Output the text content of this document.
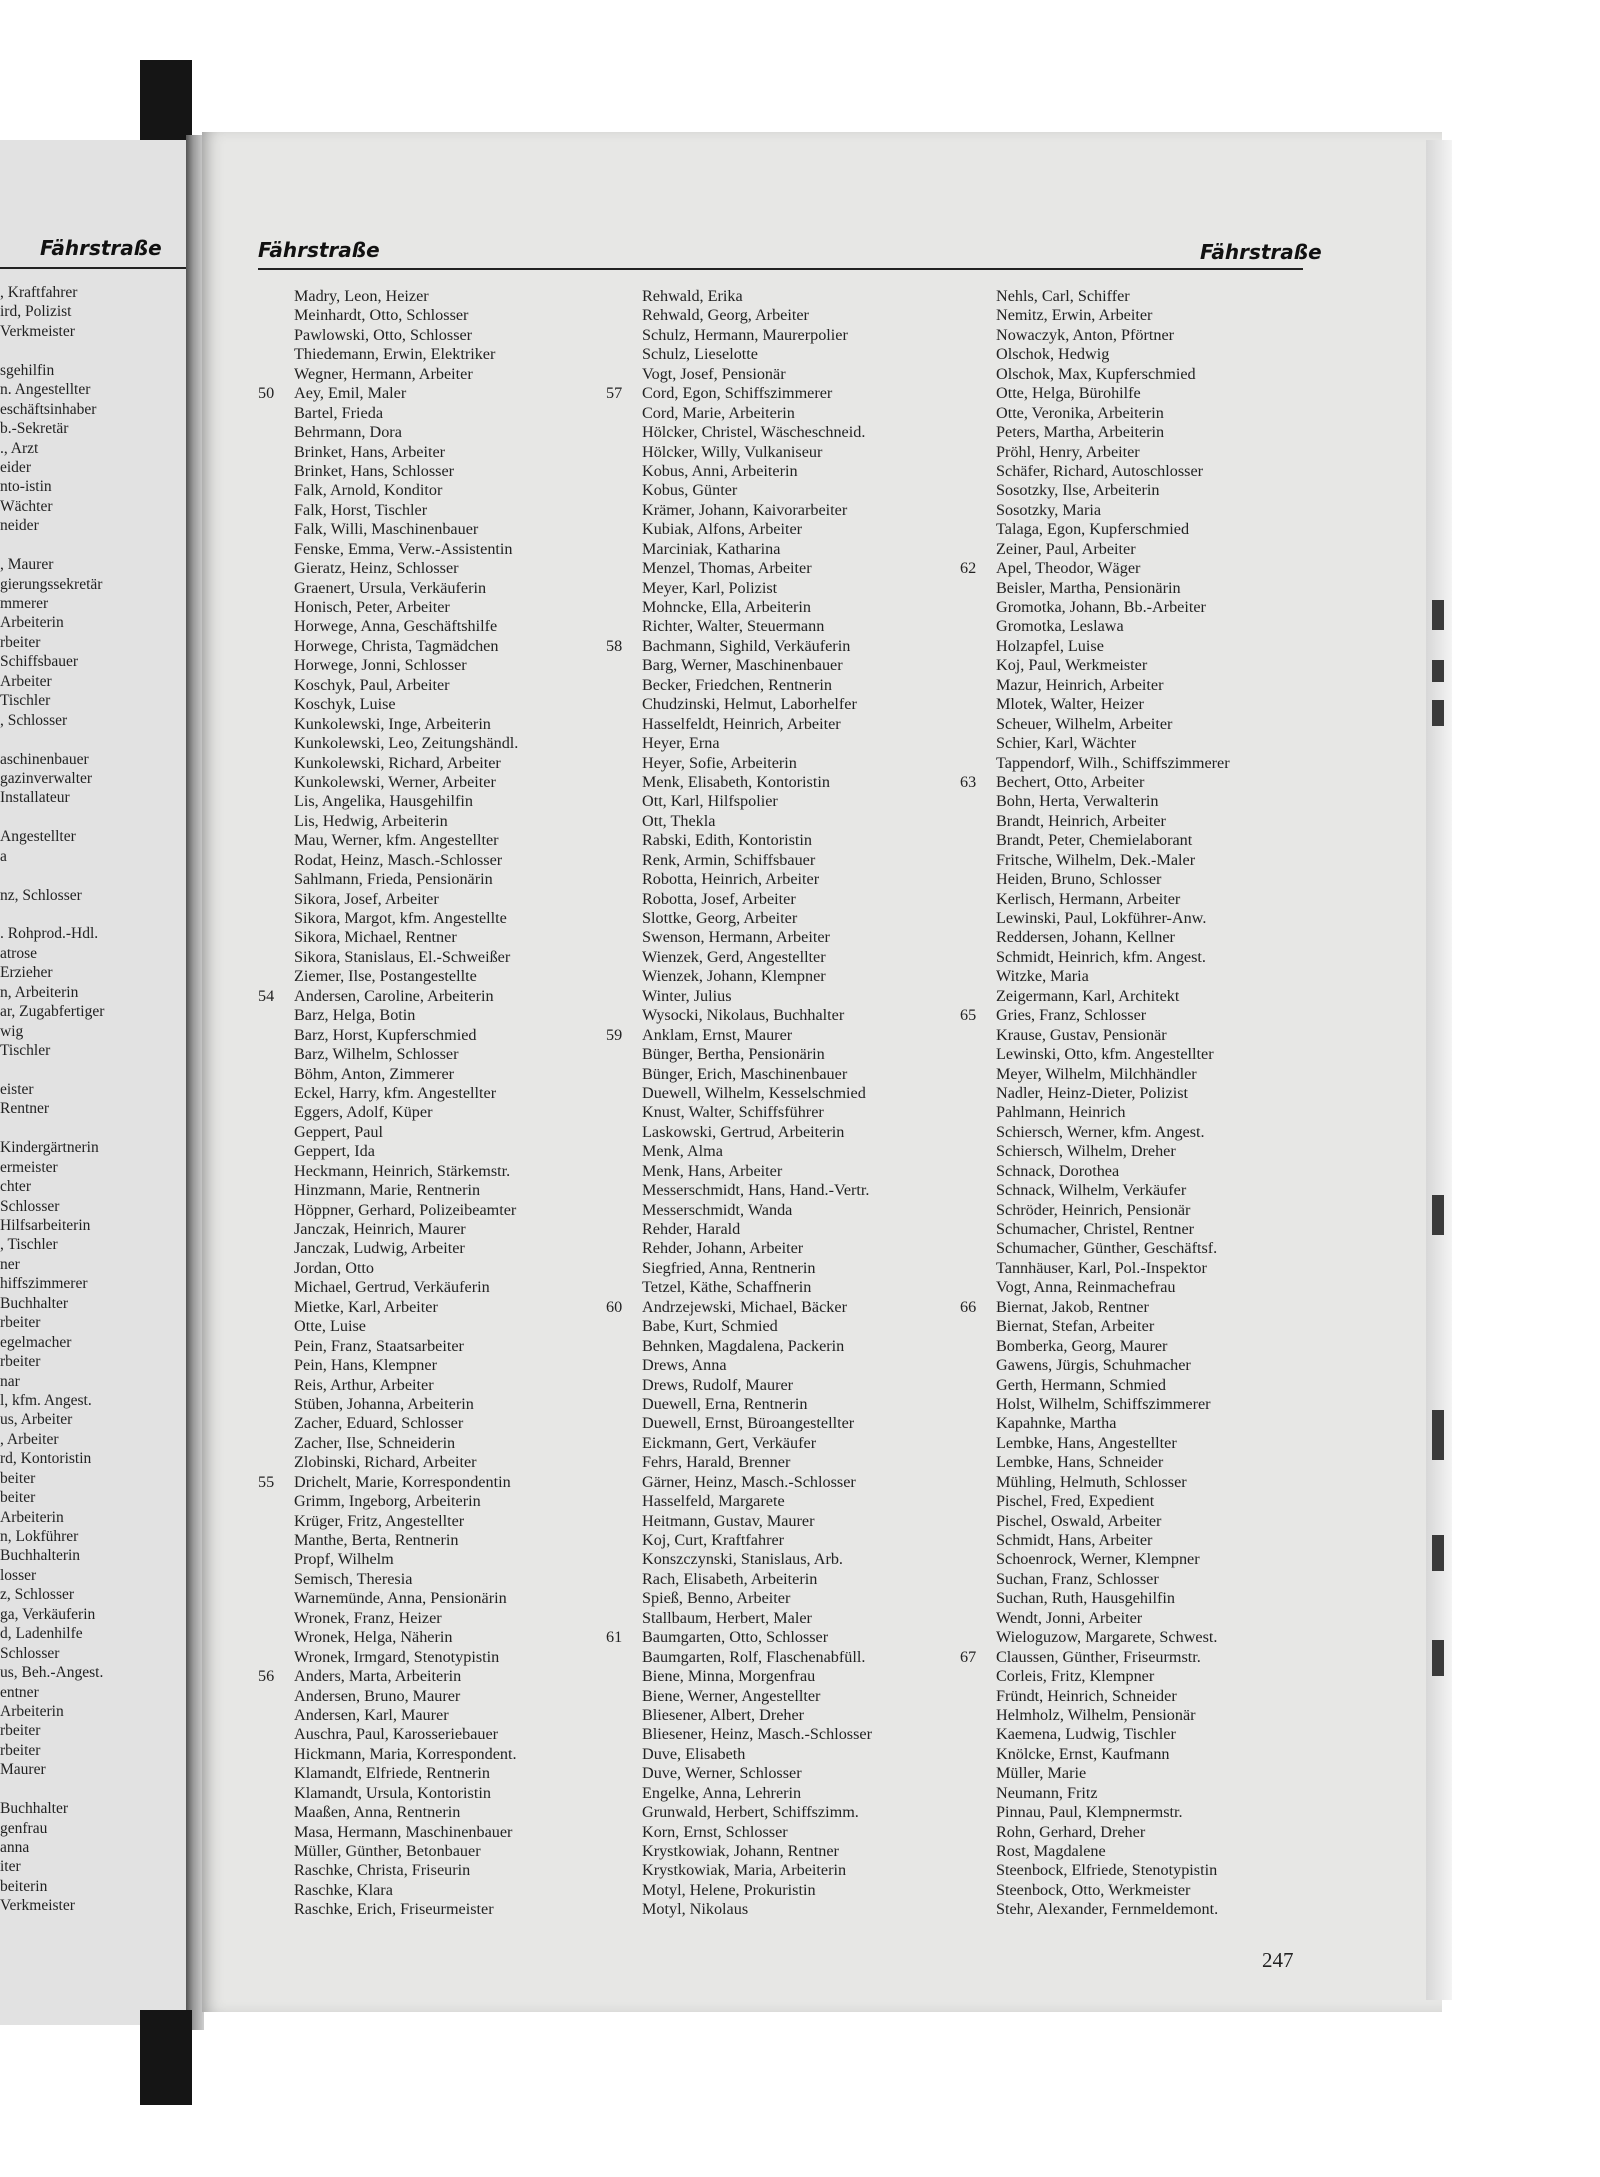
Fährstraße
, Kraftfahrer
ird, Polizist
Verkmeister
sgehilfin
n. Angestellter
eschäftsinhaber
b.-Sekretär
., Arzt
eider
nto-istin
Wächter
neider
, Maurer
gierungssekretär
mmerer
Arbeiterin
rbeiter
Schiffsbauer
Arbeiter
Tischler
, Schlosser
aschinenbauer
gazinverwalter
Installateur
Angestellter
a
nz, Schlosser
. Rohprod.-Hdl.
atrose
Erzieher
n, Arbeiterin
ar, Zugabfertiger
wig
Tischler
eister
Rentner
Kindergärtnerin
ermeister
chter
Schlosser
Hilfsarbeiterin
, Tischler
ner
hiffszimmerer
Buchhalter
rbeiter
egelmacher
rbeiter
nar
l, kfm. Angest.
us, Arbeiter
, Arbeiter
rd, Kontoristin
beiter
beiter
Arbeiterin
n, Lokführer
Buchhalterin
losser
z, Schlosser
ga, Verkäuferin
d, Ladenhilfe
Schlosser
us, Beh.-Angest.
entner
Arbeiterin
rbeiter
rbeiter
Maurer
Buchhalter
genfrau
anna
iter
beiterin
Verkmeister
Fährstraße	Fährstraße
Madry, Leon, Heizer
Meinhardt, Otto, Schlosser
Pawlowski, Otto, Schlosser
Thiedemann, Erwin, Elektriker
Wegner, Hermann, Arbeiter
50	Aey, Emil, Maler
Bartel, Frieda
Behrmann, Dora
Brinket, Hans, Arbeiter
Brinket, Hans, Schlosser
Falk, Arnold, Konditor
Falk, Horst, Tischler
Falk, Willi, Maschinenbauer
Fenske, Emma, Verw.-Assistentin
Gieratz, Heinz, Schlosser
Graenert, Ursula, Verkäuferin
Honisch, Peter, Arbeiter
Horwege, Anna, Geschäftshilfe
Horwege, Christa, Tagmädchen
Horwege, Jonni, Schlosser
Koschyk, Paul, Arbeiter
Koschyk, Luise
Kunkolewski, Inge, Arbeiterin
Kunkolewski, Leo, Zeitungshändl.
Kunkolewski, Richard, Arbeiter
Kunkolewski, Werner, Arbeiter
Lis, Angelika, Hausgehilfin
Lis, Hedwig, Arbeiterin
Mau, Werner, kfm. Angestellter
Rodat, Heinz, Masch.-Schlosser
Sahlmann, Frieda, Pensionärin
Sikora, Josef, Arbeiter
Sikora, Margot, kfm. Angestellte
Sikora, Michael, Rentner
Sikora, Stanislaus, El.-Schweißer
Ziemer, Ilse, Postangestellte
54	Andersen, Caroline, Arbeiterin
Barz, Helga, Botin
Barz, Horst, Kupferschmied
Barz, Wilhelm, Schlosser
Böhm, Anton, Zimmerer
Eckel, Harry, kfm. Angestellter
Eggers, Adolf, Küper
Geppert, Paul
Geppert, Ida
Heckmann, Heinrich, Stärkemstr.
Hinzmann, Marie, Rentnerin
Höppner, Gerhard, Polizeibeamter
Janczak, Heinrich, Maurer
Janczak, Ludwig, Arbeiter
Jordan, Otto
Michael, Gertrud, Verkäuferin
Mietke, Karl, Arbeiter
Otte, Luise
Pein, Franz, Staatsarbeiter
Pein, Hans, Klempner
Reis, Arthur, Arbeiter
Stüben, Johanna, Arbeiterin
Zacher, Eduard, Schlosser
Zacher, Ilse, Schneiderin
Zlobinski, Richard, Arbeiter
55	Drichelt, Marie, Korrespondentin
Grimm, Ingeborg, Arbeiterin
Krüger, Fritz, Angestellter
Manthe, Berta, Rentnerin
Propf, Wilhelm
Semisch, Theresia
Warnemünde, Anna, Pensionärin
Wronek, Franz, Heizer
Wronek, Helga, Näherin
Wronek, Irmgard, Stenotypistin
56	Anders, Marta, Arbeiterin
Andersen, Bruno, Maurer
Andersen, Karl, Maurer
Auschra, Paul, Karosseriebauer
Hickmann, Maria, Korrespondent.
Klamandt, Elfriede, Rentnerin
Klamandt, Ursula, Kontoristin
Maaßen, Anna, Rentnerin
Masa, Hermann, Maschinenbauer
Müller, Günther, Betonbauer
Raschke, Christa, Friseurin
Raschke, Klara
Raschke, Erich, Friseurmeister
Rehwald, Erika
Rehwald, Georg, Arbeiter
Schulz, Hermann, Maurerpolier
Schulz, Lieselotte
Vogt, Josef, Pensionär
57	Cord, Egon, Schiffszimmerer
Cord, Marie, Arbeiterin
Hölcker, Christel, Wäscheschneid.
Hölcker, Willy, Vulkaniseur
Kobus, Anni, Arbeiterin
Kobus, Günter
Krämer, Johann, Kaivorarbeiter
Kubiak, Alfons, Arbeiter
Marciniak, Katharina
Menzel, Thomas, Arbeiter
Meyer, Karl, Polizist
Mohncke, Ella, Arbeiterin
Richter, Walter, Steuermann
58	Bachmann, Sighild, Verkäuferin
Barg, Werner, Maschinenbauer
Becker, Friedchen, Rentnerin
Chudzinski, Helmut, Laborhelfer
Hasselfeldt, Heinrich, Arbeiter
Heyer, Erna
Heyer, Sofie, Arbeiterin
Menk, Elisabeth, Kontoristin
Ott, Karl, Hilfspolier
Ott, Thekla
Rabski, Edith, Kontoristin
Renk, Armin, Schiffsbauer
Robotta, Heinrich, Arbeiter
Robotta, Josef, Arbeiter
Slottke, Georg, Arbeiter
Swenson, Hermann, Arbeiter
Wienzek, Gerd, Angestellter
Wienzek, Johann, Klempner
Winter, Julius
Wysocki, Nikolaus, Buchhalter
59	Anklam, Ernst, Maurer
Bünger, Bertha, Pensionärin
Bünger, Erich, Maschinenbauer
Duewell, Wilhelm, Kesselschmied
Knust, Walter, Schiffsführer
Laskowski, Gertrud, Arbeiterin
Menk, Alma
Menk, Hans, Arbeiter
Messerschmidt, Hans, Hand.-Vertr.
Messerschmidt, Wanda
Rehder, Harald
Rehder, Johann, Arbeiter
Siegfried, Anna, Rentnerin
Tetzel, Käthe, Schaffnerin
60	Andrzejewski, Michael, Bäcker
Babe, Kurt, Schmied
Behnken, Magdalena, Packerin
Drews, Anna
Drews, Rudolf, Maurer
Duewell, Erna, Rentnerin
Duewell, Ernst, Büroangestellter
Eickmann, Gert, Verkäufer
Fehrs, Harald, Brenner
Gärner, Heinz, Masch.-Schlosser
Hasselfeld, Margarete
Heitmann, Gustav, Maurer
Koj, Curt, Kraftfahrer
Konszczynski, Stanislaus, Arb.
Rach, Elisabeth, Arbeiterin
Spieß, Benno, Arbeiter
Stallbaum, Herbert, Maler
61	Baumgarten, Otto, Schlosser
Baumgarten, Rolf, Flaschenabfüll.
Biene, Minna, Morgenfrau
Biene, Werner, Angestellter
Bliesener, Albert, Dreher
Bliesener, Heinz, Masch.-Schlosser
Duve, Elisabeth
Duve, Werner, Schlosser
Engelke, Anna, Lehrerin
Grunwald, Herbert, Schiffszimm.
Korn, Ernst, Schlosser
Krystkowiak, Johann, Rentner
Krystkowiak, Maria, Arbeiterin
Motyl, Helene, Prokuristin
Motyl, Nikolaus
Nehls, Carl, Schiffer
Nemitz, Erwin, Arbeiter
Nowaczyk, Anton, Pförtner
Olschok, Hedwig
Olschok, Max, Kupferschmied
Otte, Helga, Bürohilfe
Otte, Veronika, Arbeiterin
Peters, Martha, Arbeiterin
Pröhl, Henry, Arbeiter
Schäfer, Richard, Autoschlosser
Sosotzky, Ilse, Arbeiterin
Sosotzky, Maria
Talaga, Egon, Kupferschmied
Zeiner, Paul, Arbeiter
62	Apel, Theodor, Wäger
Beisler, Martha, Pensionärin
Gromotka, Johann, Bb.-Arbeiter
Gromotka, Leslawa
Holzapfel, Luise
Koj, Paul, Werkmeister
Mazur, Heinrich, Arbeiter
Mlotek, Walter, Heizer
Scheuer, Wilhelm, Arbeiter
Schier, Karl, Wächter
Tappendorf, Wilh., Schiffszimmerer
63	Bechert, Otto, Arbeiter
Bohn, Herta, Verwalterin
Brandt, Heinrich, Arbeiter
Brandt, Peter, Chemielaborant
Fritsche, Wilhelm, Dek.-Maler
Heiden, Bruno, Schlosser
Kerlisch, Hermann, Arbeiter
Lewinski, Paul, Lokführer-Anw.
Reddersen, Johann, Kellner
Schmidt, Heinrich, kfm. Angest.
Witzke, Maria
Zeigermann, Karl, Architekt
65	Gries, Franz, Schlosser
Krause, Gustav, Pensionär
Lewinski, Otto, kfm. Angestellter
Meyer, Wilhelm, Milchhändler
Nadler, Heinz-Dieter, Polizist
Pahlmann, Heinrich
Schiersch, Werner, kfm. Angest.
Schiersch, Wilhelm, Dreher
Schnack, Dorothea
Schnack, Wilhelm, Verkäufer
Schröder, Heinrich, Pensionär
Schumacher, Christel, Rentner
Schumacher, Günther, Geschäftsf.
Tannhäuser, Karl, Pol.-Inspektor
Vogt, Anna, Reinmachefrau
66	Biernat, Jakob, Rentner
Biernat, Stefan, Arbeiter
Bomberka, Georg, Maurer
Gawens, Jürgis, Schuhmacher
Gerth, Hermann, Schmied
Holst, Wilhelm, Schiffszimmerer
Kapahnke, Martha
Lembke, Hans, Angestellter
Lembke, Hans, Schneider
Mühling, Helmuth, Schlosser
Pischel, Fred, Expedient
Pischel, Oswald, Arbeiter
Schmidt, Hans, Arbeiter
Schoenrock, Werner, Klempner
Suchan, Franz, Schlosser
Suchan, Ruth, Hausgehilfin
Wendt, Jonni, Arbeiter
Wieloguzow, Margarete, Schwest.
67	Claussen, Günther, Friseurmstr.
Corleis, Fritz, Klempner
Fründt, Heinrich, Schneider
Helmholz, Wilhelm, Pensionär
Kaemena, Ludwig, Tischler
Knölcke, Ernst, Kaufmann
Müller, Marie
Neumann, Fritz
Pinnau, Paul, Klempnermstr.
Rohn, Gerhard, Dreher
Rost, Magdalene
Steenbock, Elfriede, Stenotypistin
Steenbock, Otto, Werkmeister
Stehr, Alexander, Fernmeldemont.
247
